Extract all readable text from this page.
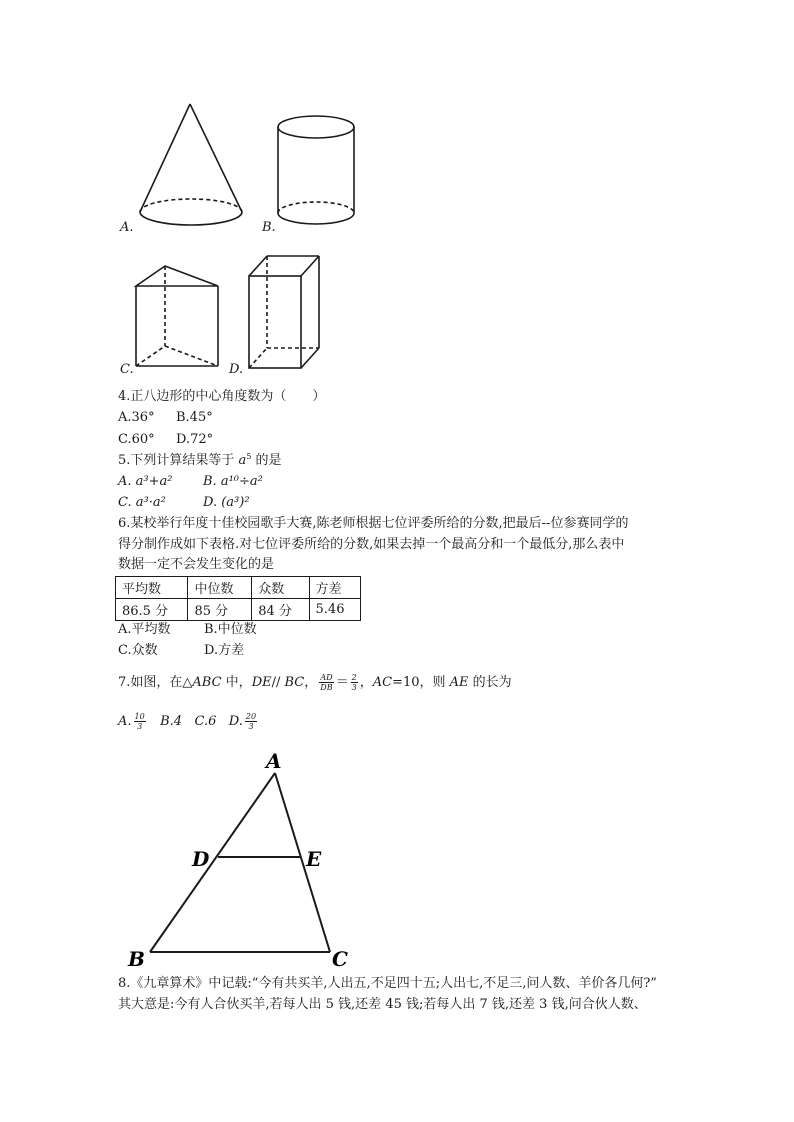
A.	B.
C.	D.
4.正八边形的中心角度数为（　　）
A.36° B.45°
C.60° D.72°
5.下列计算结果等于 $a^5$ 的是
A. a³+a² B. a¹⁰÷a²
C. a³·a²	D. (a³)²
6.某校举行年度十佳校园歌手大赛,陈老师根据七位评委所给的分数,把最后--位参赛同学的
得分制作成如下表格.对七位评委所给的分数,如果去掉一个最高分和一个最低分,那么表中
数据一定不会发生变化的是
平均数	中位数	众数	方差
86.5 分	85 分	84 分	5.46
A.平均数	B.中位数
C.众数	D.方差
7.如图，在△ABC 中，DE// BC， $\frac{AD}{DB} = \frac{2}{3}$ ，AC=10，则 AE 的长为
A. $\frac{10}{3} B.4$ C.6 D. $\frac{20}{3}$
A
B	C
D	E
8.《九章算术》中记载:“今有共买羊,人出五,不足四十五;人出七,不足三,问人数、羊价各几何?”
其大意是:今有人合伙买羊,若每人出 5 钱,还差 45 钱;若每人出 7 钱,还差 3 钱,问合伙人数、
